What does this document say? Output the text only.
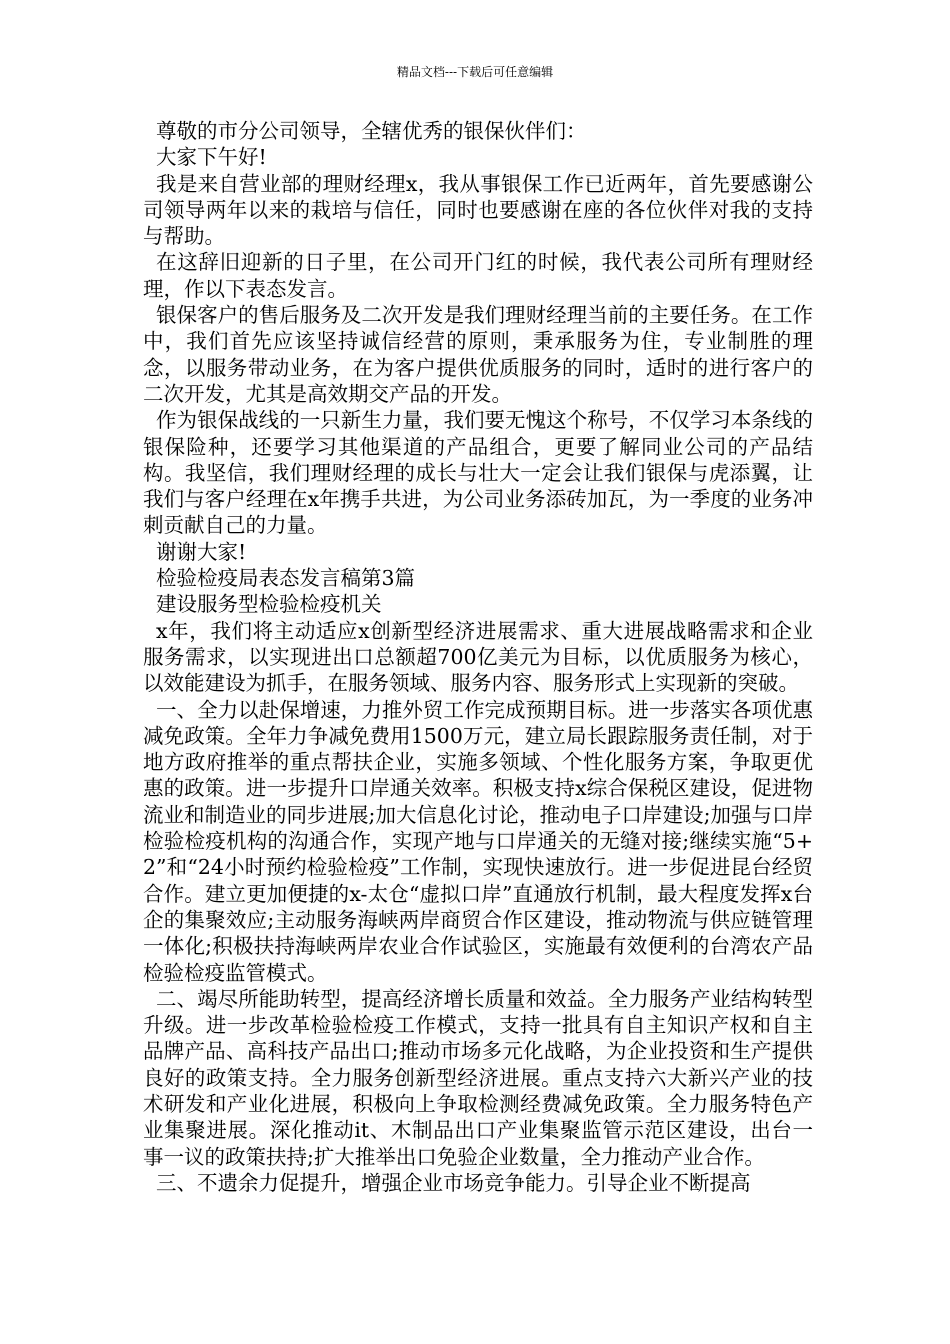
精品文档---下载后可任意编辑

尊敬的市分公司领导，全辖优秀的银保伙伴们：

大家下午好!

我是来自营业部的理财经理x，我从事银保工作已近两年，首先要感谢公司领导两年以来的栽培与信任，同时也要感谢在座的各位伙伴对我的支持与帮助。

在这辞旧迎新的日子里，在公司开门红的时候，我代表公司所有理财经理，作以下表态发言。

银保客户的售后服务及二次开发是我们理财经理当前的主要任务。在工作中，我们首先应该坚持诚信经营的原则，秉承服务为住，专业制胜的理念，以服务带动业务，在为客户提供优质服务的同时，适时的进行客户的二次开发，尤其是高效期交产品的开发。

作为银保战线的一只新生力量，我们要无愧这个称号，不仅学习本条线的银保险种，还要学习其他渠道的产品组合，更要了解同业公司的产品结构。我坚信，我们理财经理的成长与壮大一定会让我们银保与虎添翼，让我们与客户经理在x年携手共进，为公司业务添砖加瓦，为一季度的业务冲刺贡献自己的力量。

谢谢大家!

检验检疫局表态发言稿第3篇

建设服务型检验检疫机关

x年，我们将主动适应x创新型经济进展需求、重大进展战略需求和企业服务需求，以实现进出口总额超700亿美元为目标，以优质服务为核心，以效能建设为抓手，在服务领域、服务内容、服务形式上实现新的突破。

一、全力以赴保增速，力推外贸工作完成预期目标。进一步落实各项优惠减免政策。全年力争减免费用1500万元，建立局长跟踪服务责任制，对于地方政府推举的重点帮扶企业，实施多领域、个性化服务方案，争取更优惠的政策。进一步提升口岸通关效率。积极支持x综合保税区建设，促进物流业和制造业的同步进展;加大信息化讨论，推动电子口岸建设;加强与口岸检验检疫机构的沟通合作，实现产地与口岸通关的无缝对接;继续实施“5+2”和“24小时预约检验检疫”工作制，实现快速放行。进一步促进昆台经贸合作。建立更加便捷的x-太仓“虚拟口岸”直通放行机制，最大程度发挥x台企的集聚效应;主动服务海峡两岸商贸合作区建设，推动物流与供应链管理一体化;积极扶持海峡两岸农业合作试验区，实施最有效便利的台湾农产品检验检疫监管模式。

二、竭尽所能助转型，提高经济增长质量和效益。全力服务产业结构转型升级。进一步改革检验检疫工作模式，支持一批具有自主知识产权和自主品牌产品、高科技产品出口;推动市场多元化战略，为企业投资和生产提供良好的政策支持。全力服务创新型经济进展。重点支持六大新兴产业的技术研发和产业化进展，积极向上争取检测经费减免政策。全力服务特色产业集聚进展。深化推动it、木制品出口产业集聚监管示范区建设，出台一事一议的政策扶持;扩大推举出口免验企业数量，全力推动产业合作。

三、不遗余力促提升，增强企业市场竞争能力。引导企业不断提高
